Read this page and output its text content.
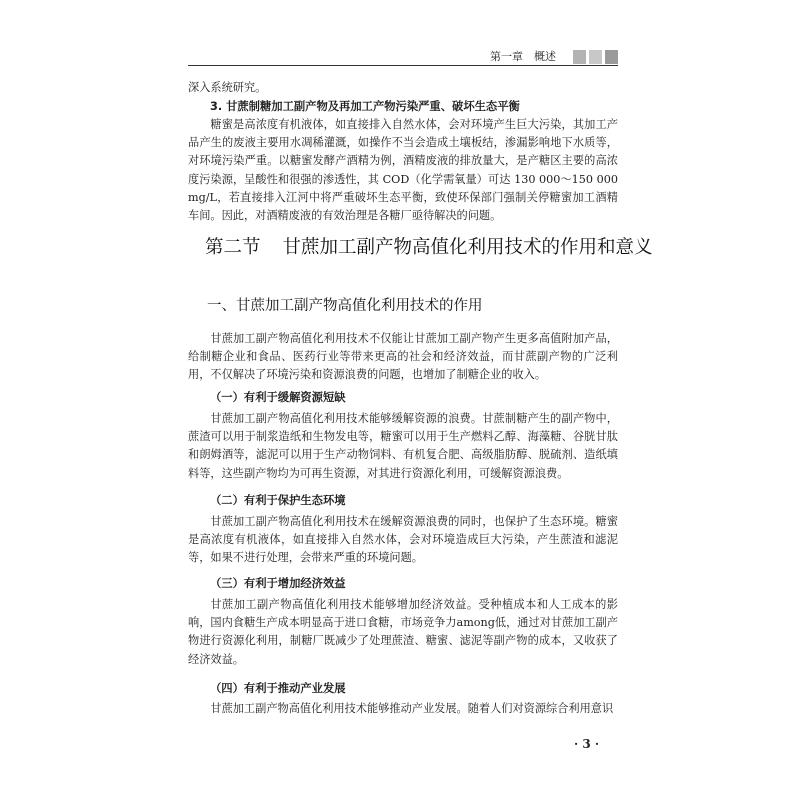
第一章　概述

深入系统研究。

3. 甘蔗制糖加工副产物及再加工产物污染严重、破坏生态平衡

糖蜜是高浓度有机液体，如直接排入自然水体，会对环境产生巨大污染，其加工产品产生的废液主要用水凋稀灌溉，如操作不当会造成土壤板结，渗漏影响地下水质等，对环境污染严重。以糖蜜发酵产酒精为例，酒精废液的排放量大，是产糖区主要的高浓度污染源，呈酸性和很强的渗透性，其 COD（化学需氧量）可达 130 000～150 000 mg/L，若直接排入江河中将严重破坏生态平衡，致使环保部门强制关停糖蜜加工酒精车间。因此，对酒精废液的有效治理是各糖厂亟待解决的问题。

第二节 甘蔗加工副产物高值化利用技术的作用和意义
一、甘蔗加工副产物高值化利用技术的作用

甘蔗加工副产物高值化利用技术不仅能让甘蔗加工副产物产生更多高值附加产品，给制糖企业和食品、医药行业等带来更高的社会和经济效益，而甘蔗副产物的广泛利用，不仅解决了环境污染和资源浪费的问题，也增加了制糖企业的收入。

（一）有利于缓解资源短缺

甘蔗加工副产物高值化利用技术能够缓解资源的浪费。甘蔗制糖产生的副产物中，蔗渣可以用于制浆造纸和生物发电等，糖蜜可以用于生产燃料乙醇、海藻糖、谷胱甘肽和朗姆酒等，滤泥可以用于生产动物饲料、有机复合肥、高级脂肪醇、脱硫剂、造纸填料等，这些副产物均为可再生资源，对其进行资源化利用，可缓解资源浪费。

（二）有利于保护生态环境

甘蔗加工副产物高值化利用技术在缓解资源浪费的同时，也保护了生态环境。糖蜜是高浓度有机液体，如直接排入自然水体，会对环境造成巨大污染，产生蔗渣和滤泥等，如果不进行处理，会带来严重的环境问题。

（三）有利于增加经济效益

甘蔗加工副产物高值化利用技术能够增加经济效益。受种植成本和人工成本的影响，国内食糖生产成本明显高于进口食糖，市场竞争力among低，通过对甘蔗加工副产物进行资源化利用，制糖厂既减少了处理蔗渣、糖蜜、滤泥等副产物的成本，又收获了经济效益。

（四）有利于推动产业发展

甘蔗加工副产物高值化利用技术能够推动产业发展。随着人们对资源综合利用意识

· 3 ·
